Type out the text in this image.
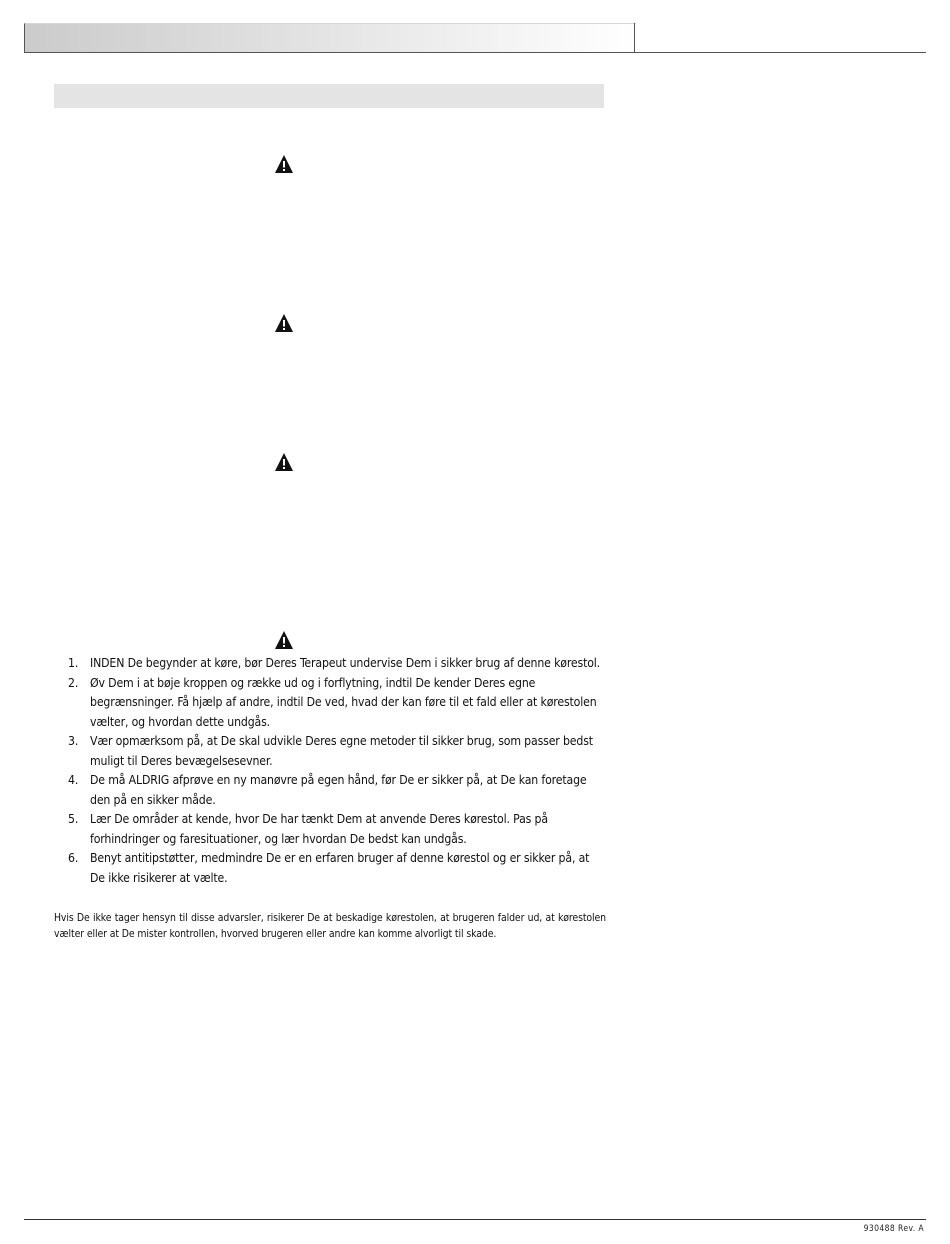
1. INDEN De begynder at køre, bør Deres Terapeut undervise Dem i sikker brug af denne kørestol.
2. Øv Dem i at bøje kroppen og række ud og i forflytning, indtil De kender Deres egne begrænsninger. Få hjælp af andre, indtil De ved, hvad der kan føre til et fald eller at kørestolen vælter, og hvordan dette undgås.
3. Vær opmærksom på, at De skal udvikle Deres egne metoder til sikker brug, som passer bedst muligt til Deres bevægelsesevner.
4. De må ALDRIG afprøve en ny manøvre på egen hånd, før De er sikker på, at De kan foretage den på en sikker måde.
5. Lær De områder at kende, hvor De har tænkt Dem at anvende Deres kørestol. Pas på forhindringer og faresituationer, og lær hvordan De bedst kan undgås.
6. Benyt antitipstøtter, medmindre De er en erfaren bruger af denne kørestol og er sikker på, at De ikke risikerer at vælte.

Hvis De ikke tager hensyn til disse advarsler, risikerer De at beskadige kørestolen, at brugeren falder ud, at kørestolen vælter eller at De mister kontrollen, hvorved brugeren eller andre kan komme alvorligt til skade.

930488 Rev. A
